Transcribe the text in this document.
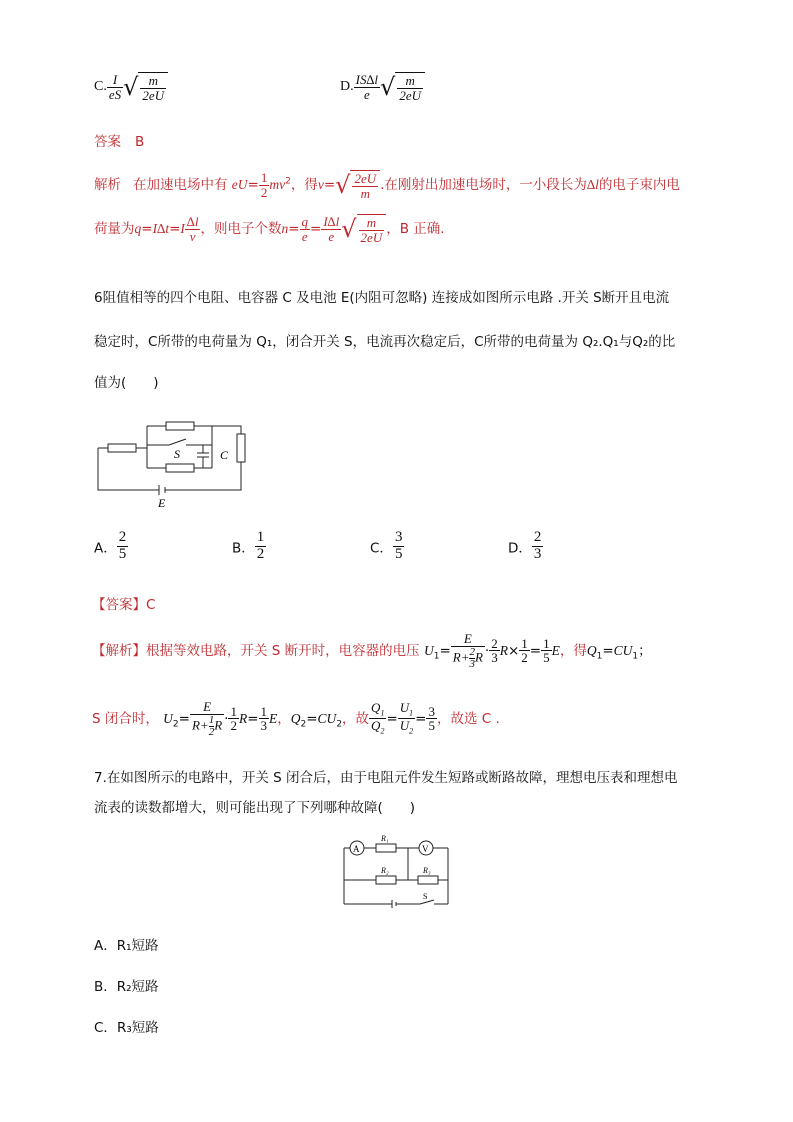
C. $\frac{I}{eS}$ √ $\frac{m}{2eU}$	D. $\frac{IS\Delta l}{e}$ √ $\frac{m}{2eU}$
答案 B
解析 在加速电场中有 $eU= \frac{1}{2} mv^2$，得v= √ $\frac{2eU}{m}$ .在刚射出加速电场时，一小段长为∆l的电子束内电
荷量为$q=I\Delta t=I \frac{\Delta l}{v}$ ，则电子个数$n= \frac{q}{e} = \frac{I\Delta l}{e}$ √ $\frac{m}{2eU}$ ，B 正确.
6阻值相等的四个电阻、电容器 C 及电池 E(内阻可忽略) 连接成如图所示电路 .开关 S断开且电流
稳定时，C所带的电荷量为 Q₁，闭合开关 S，电流再次稳定后，C所带的电荷量为 Q₂.Q₁与Q₂的比
值为(　　)
S	C
E
A． $\frac{2}{5}$	B． $\frac{1}{2}$	C． $\frac{3}{5}$	D． $\frac{2}{3}$
【答案】C
【解析】根据等效电路，开关 S 断开时，电容器的电压 $U_1= \frac{E}{R+ \frac{2}{3} R} \cdot \frac{2}{3} R\times \frac{1}{2} = \frac{1}{5}$ E，得$Q_1=CU_1$；
S 闭合时， $U_2= \frac{E}{R+ \frac{1}{2} R} \cdot \frac{1}{2} R= \frac{1}{3}$ E，$Q_2=CU_2$，故 $\frac{Q_1}{Q_2} = \frac{U_1}{U_2} = \frac{3}{5}$ ，故选 C .
7.在如图所示的电路中，开关 S 闭合后，由于电阻元件发生短路或断路故障，理想电压表和理想电
流表的读数都增大，则可能出现了下列哪种故障(　　)
A	V
R₁
R₂	R₃
S
A．R₁短路
B．R₂短路
C．R₃短路
